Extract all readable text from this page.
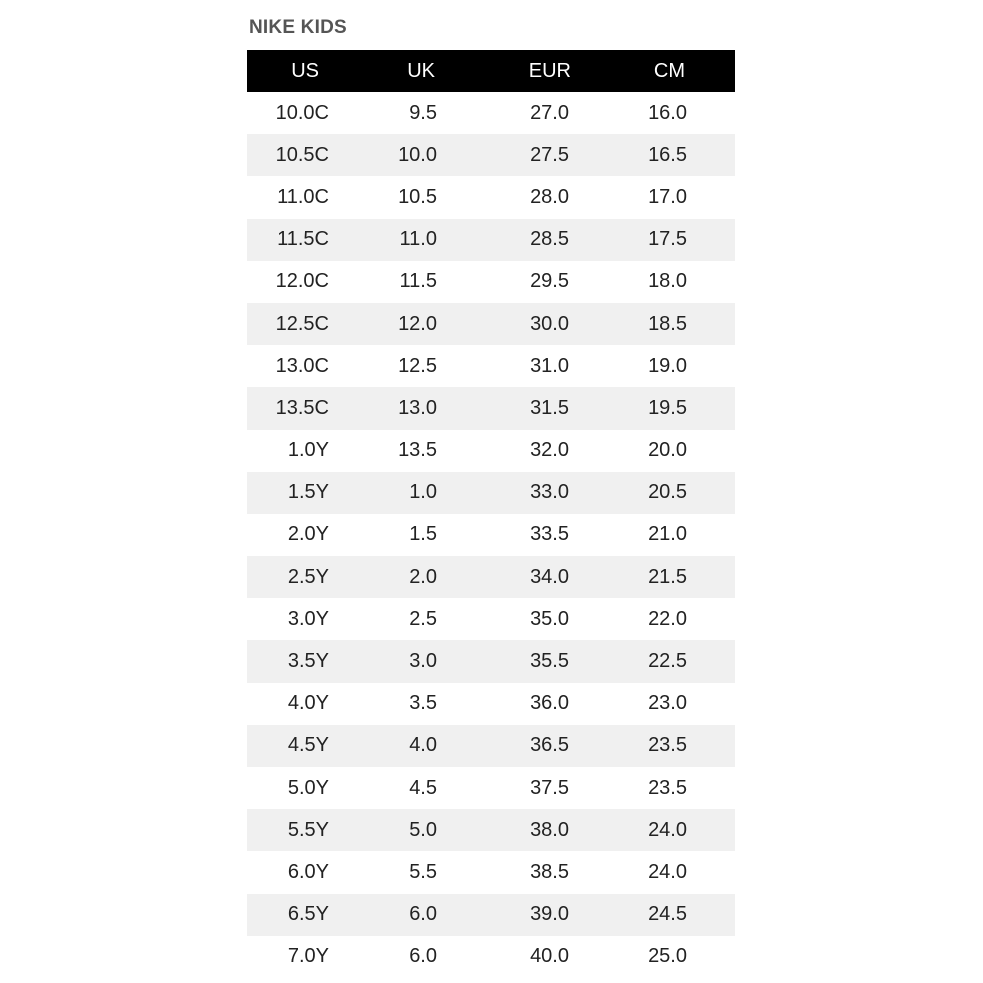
NIKE KIDS
US	UK	EUR	CM
10.0C	9.5	27.0	16.0
10.5C	10.0	27.5	16.5
11.0C	10.5	28.0	17.0
11.5C	11.0	28.5	17.5
12.0C	11.5	29.5	18.0
12.5C	12.0	30.0	18.5
13.0C	12.5	31.0	19.0
13.5C	13.0	31.5	19.5
1.0Y	13.5	32.0	20.0
1.5Y	1.0	33.0	20.5
2.0Y	1.5	33.5	21.0
2.5Y	2.0	34.0	21.5
3.0Y	2.5	35.0	22.0
3.5Y	3.0	35.5	22.5
4.0Y	3.5	36.0	23.0
4.5Y	4.0	36.5	23.5
5.0Y	4.5	37.5	23.5
5.5Y	5.0	38.0	24.0
6.0Y	5.5	38.5	24.0
6.5Y	6.0	39.0	24.5
7.0Y	6.0	40.0	25.0
